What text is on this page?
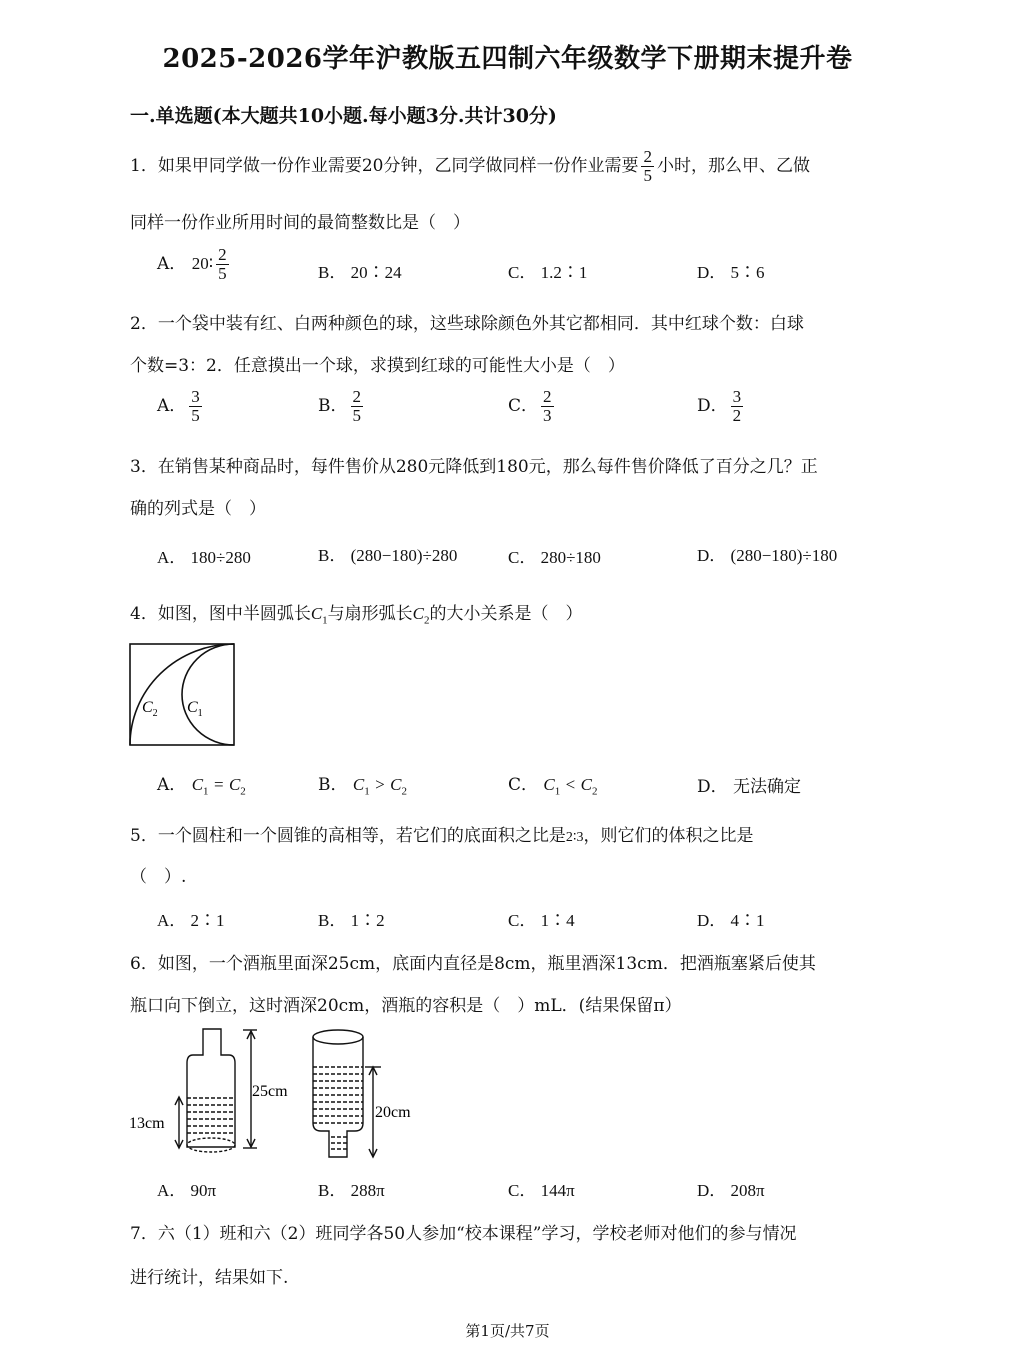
2025-2026学年沪教版五四制六年级数学下册期末提升卷
一.单选题(本大题共10小题.每小题3分.共计30分)
1．如果甲同学做一份作业需要20分钟，乙同学做同样一份作业需要 $\frac{2}{5}$ 小时，那么甲、乙做
同样一份作业所用时间的最简整数比是（　）
A． 20∶ $\frac{2}{5}$	B． 20∶24	C． 1.2∶1	D． 5∶6
2．一个袋中装有红、白两种颜色的球，这些球除颜色外其它都相同．其中红球个数：白球
个数=3：2．任意摸出一个球，求摸到红球的可能性大小是（　）
A． $\frac{3}{5}$	B． $\frac{2}{5}$	C． $\frac{2}{3}$	D． $\frac{3}{2}$
3．在销售某种商品时，每件售价从280元降低到180元，那么每件售价降低了百分之几？正
确的列式是（　）
A． 180÷280	B． (280−180)÷280	C． 280÷180	D． (280−180)÷180
4．如图，图中半圆弧长$C_1$与扇形弧长$C_2$的大小关系是（　）
$C_2$ $C_1$
A． $C_1 = C_2$	B． $C_1 > C_2$	C． $C_1 < C_2$	D． 无法确定
5．一个圆柱和一个圆锥的高相等，若它们的底面积之比是2∶3，则它们的体积之比是
（　）.
A． 2∶1	B． 1∶2	C． 1∶4	D． 4∶1
6．如图，一个酒瓶里面深25cm，底面内直径是8cm，瓶里酒深13cm．把酒瓶塞紧后使其
瓶口向下倒立，这时酒深20cm，酒瓶的容积是（　）mL．(结果保留π）
25cm
13cm
20cm
A． 90π	B． 288π	C． 144π	D． 208π
7．六（1）班和六（2）班同学各50人参加“校本课程”学习，学校老师对他们的参与情况
进行统计，结果如下.
第1页/共7页
